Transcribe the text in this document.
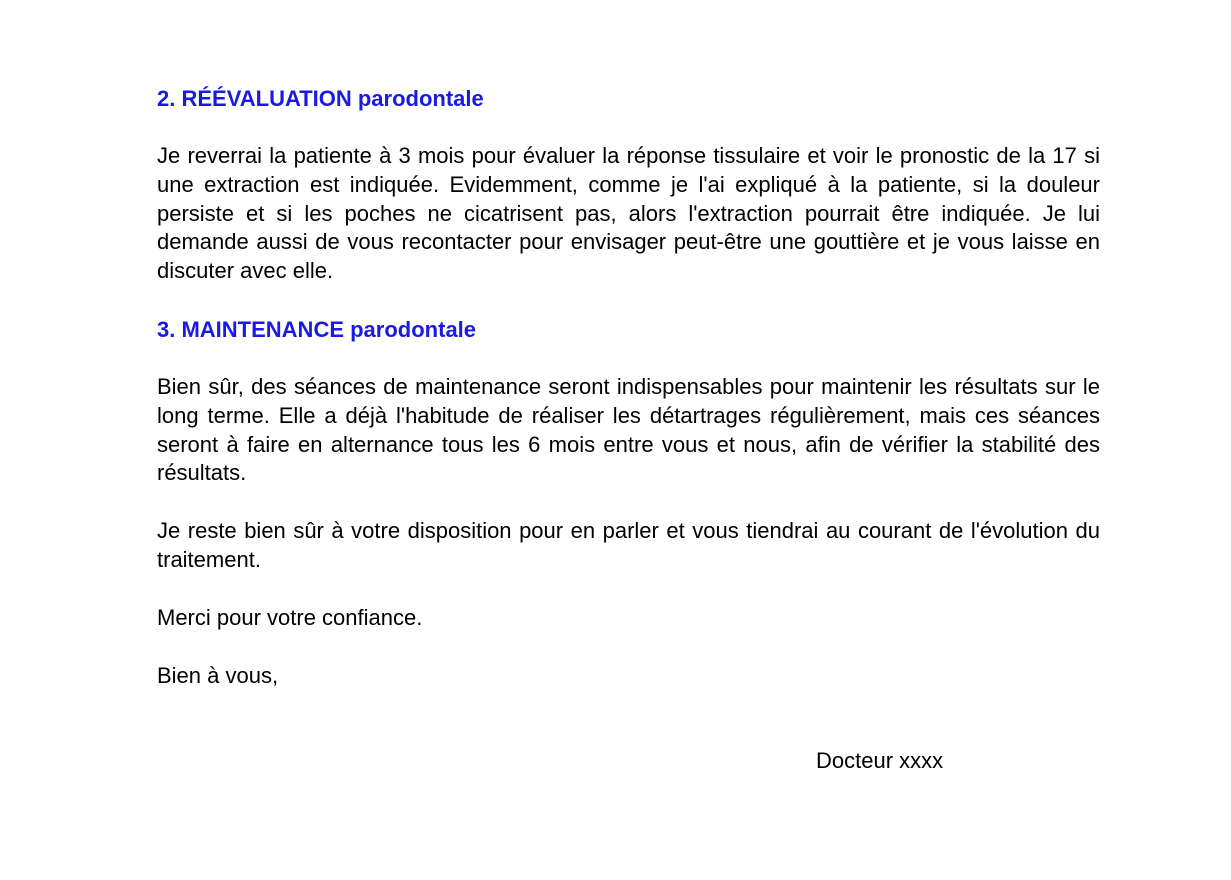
2. RÉÉVALUATION parodontale

Je reverrai la patiente à 3 mois pour évaluer la réponse tissulaire et voir le pronostic de la 17 si une extraction est indiquée. Evidemment, comme je l'ai expliqué à la patiente, si la douleur persiste et si les poches ne cicatrisent pas, alors l'extraction pourrait être indiquée. Je lui demande aussi de vous recontacter pour envisager peut-être une gouttière et je vous laisse en discuter avec elle.

3. MAINTENANCE parodontale

Bien sûr, des séances de maintenance seront indispensables pour maintenir les résultats sur le long terme. Elle a déjà l'habitude de réaliser les détartrages régulièrement, mais ces séances seront à faire en alternance tous les 6 mois entre vous et nous, afin de vérifier la stabilité des résultats.

Je reste bien sûr à votre disposition pour en parler et vous tiendrai au courant de l'évolution du traitement.

Merci pour votre confiance.

Bien à vous,

Docteur xxxx
